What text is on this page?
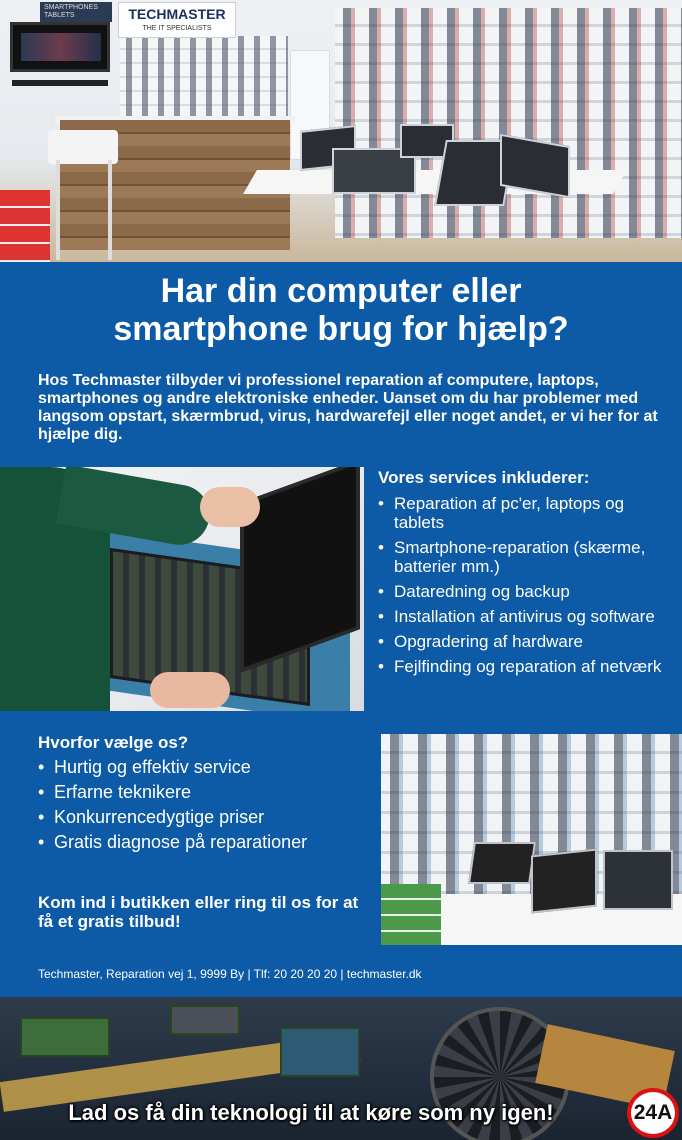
SMARTPHONES
TABLETS	TECHMASTER
THE IT SPECIALISTS
Har din computer eller
smartphone brug for hjælp?

Hos Techmaster tilbyder vi professionel reparation af computere, laptops, smartphones og andre elektroniske enheder. Uanset om du har problemer med langsom opstart, skærmbrud, virus, hardwarefejl eller noget andet, er vi her for at hjælpe dig.

Vores services inkluderer:
• Reparation af pc'er, laptops og tablets
• Smartphone-reparation (skærme, batterier mm.)
• Dataredning og backup
• Installation af antivirus og software
• Opgradering af hardware
• Fejlfinding og reparation af netværk
Hvorfor vælge os?
• Hurtig og effektiv service
• Erfarne teknikere
• Konkurrencedygtige priser
• Gratis diagnose på reparationer

Kom ind i butikken eller ring til os for at få et gratis tilbud!

Techmaster, Reparation vej 1, 9999 By | Tlf: 20 20 20 20 | techmaster.dk

Lad os få din teknologi til at køre som ny igen!	24A
